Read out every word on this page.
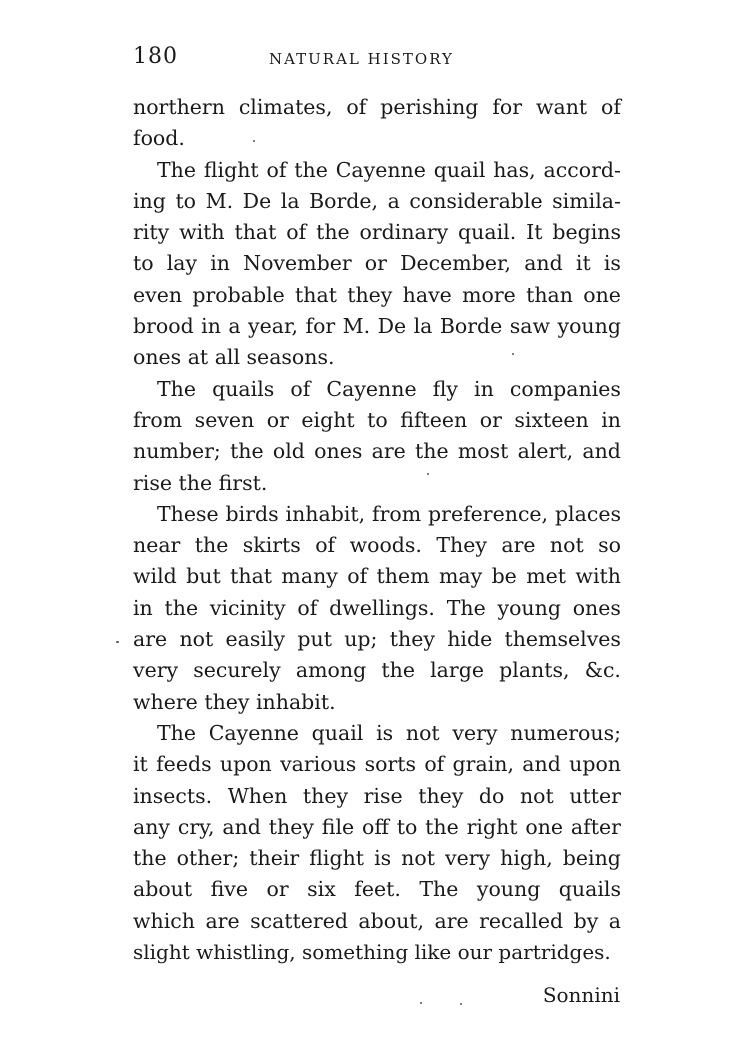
180	NATURAL HISTORY
northern climates, of perishing for want of
food.
The flight of the Cayenne quail has, accord-
ing to M. De la Borde, a considerable simila-
rity with that of the ordinary quail. It begins
to lay in November or December, and it is
even probable that they have more than one
brood in a year, for M. De la Borde saw young
ones at all seasons.
The quails of Cayenne fly in companies
from seven or eight to fifteen or sixteen in
number; the old ones are the most alert, and
rise the first.
These birds inhabit, from preference, places
near the skirts of woods. They are not so
wild but that many of them may be met with
in the vicinity of dwellings. The young ones
are not easily put up; they hide themselves
very securely among the large plants, &c.
where they inhabit.
The Cayenne quail is not very numerous;
it feeds upon various sorts of grain, and upon
insects. When they rise they do not utter
any cry, and they file off to the right one after
the other; their flight is not very high, being
about five or six feet. The young quails
which are scattered about, are recalled by a
slight whistling, something like our partridges.
Sonnini
